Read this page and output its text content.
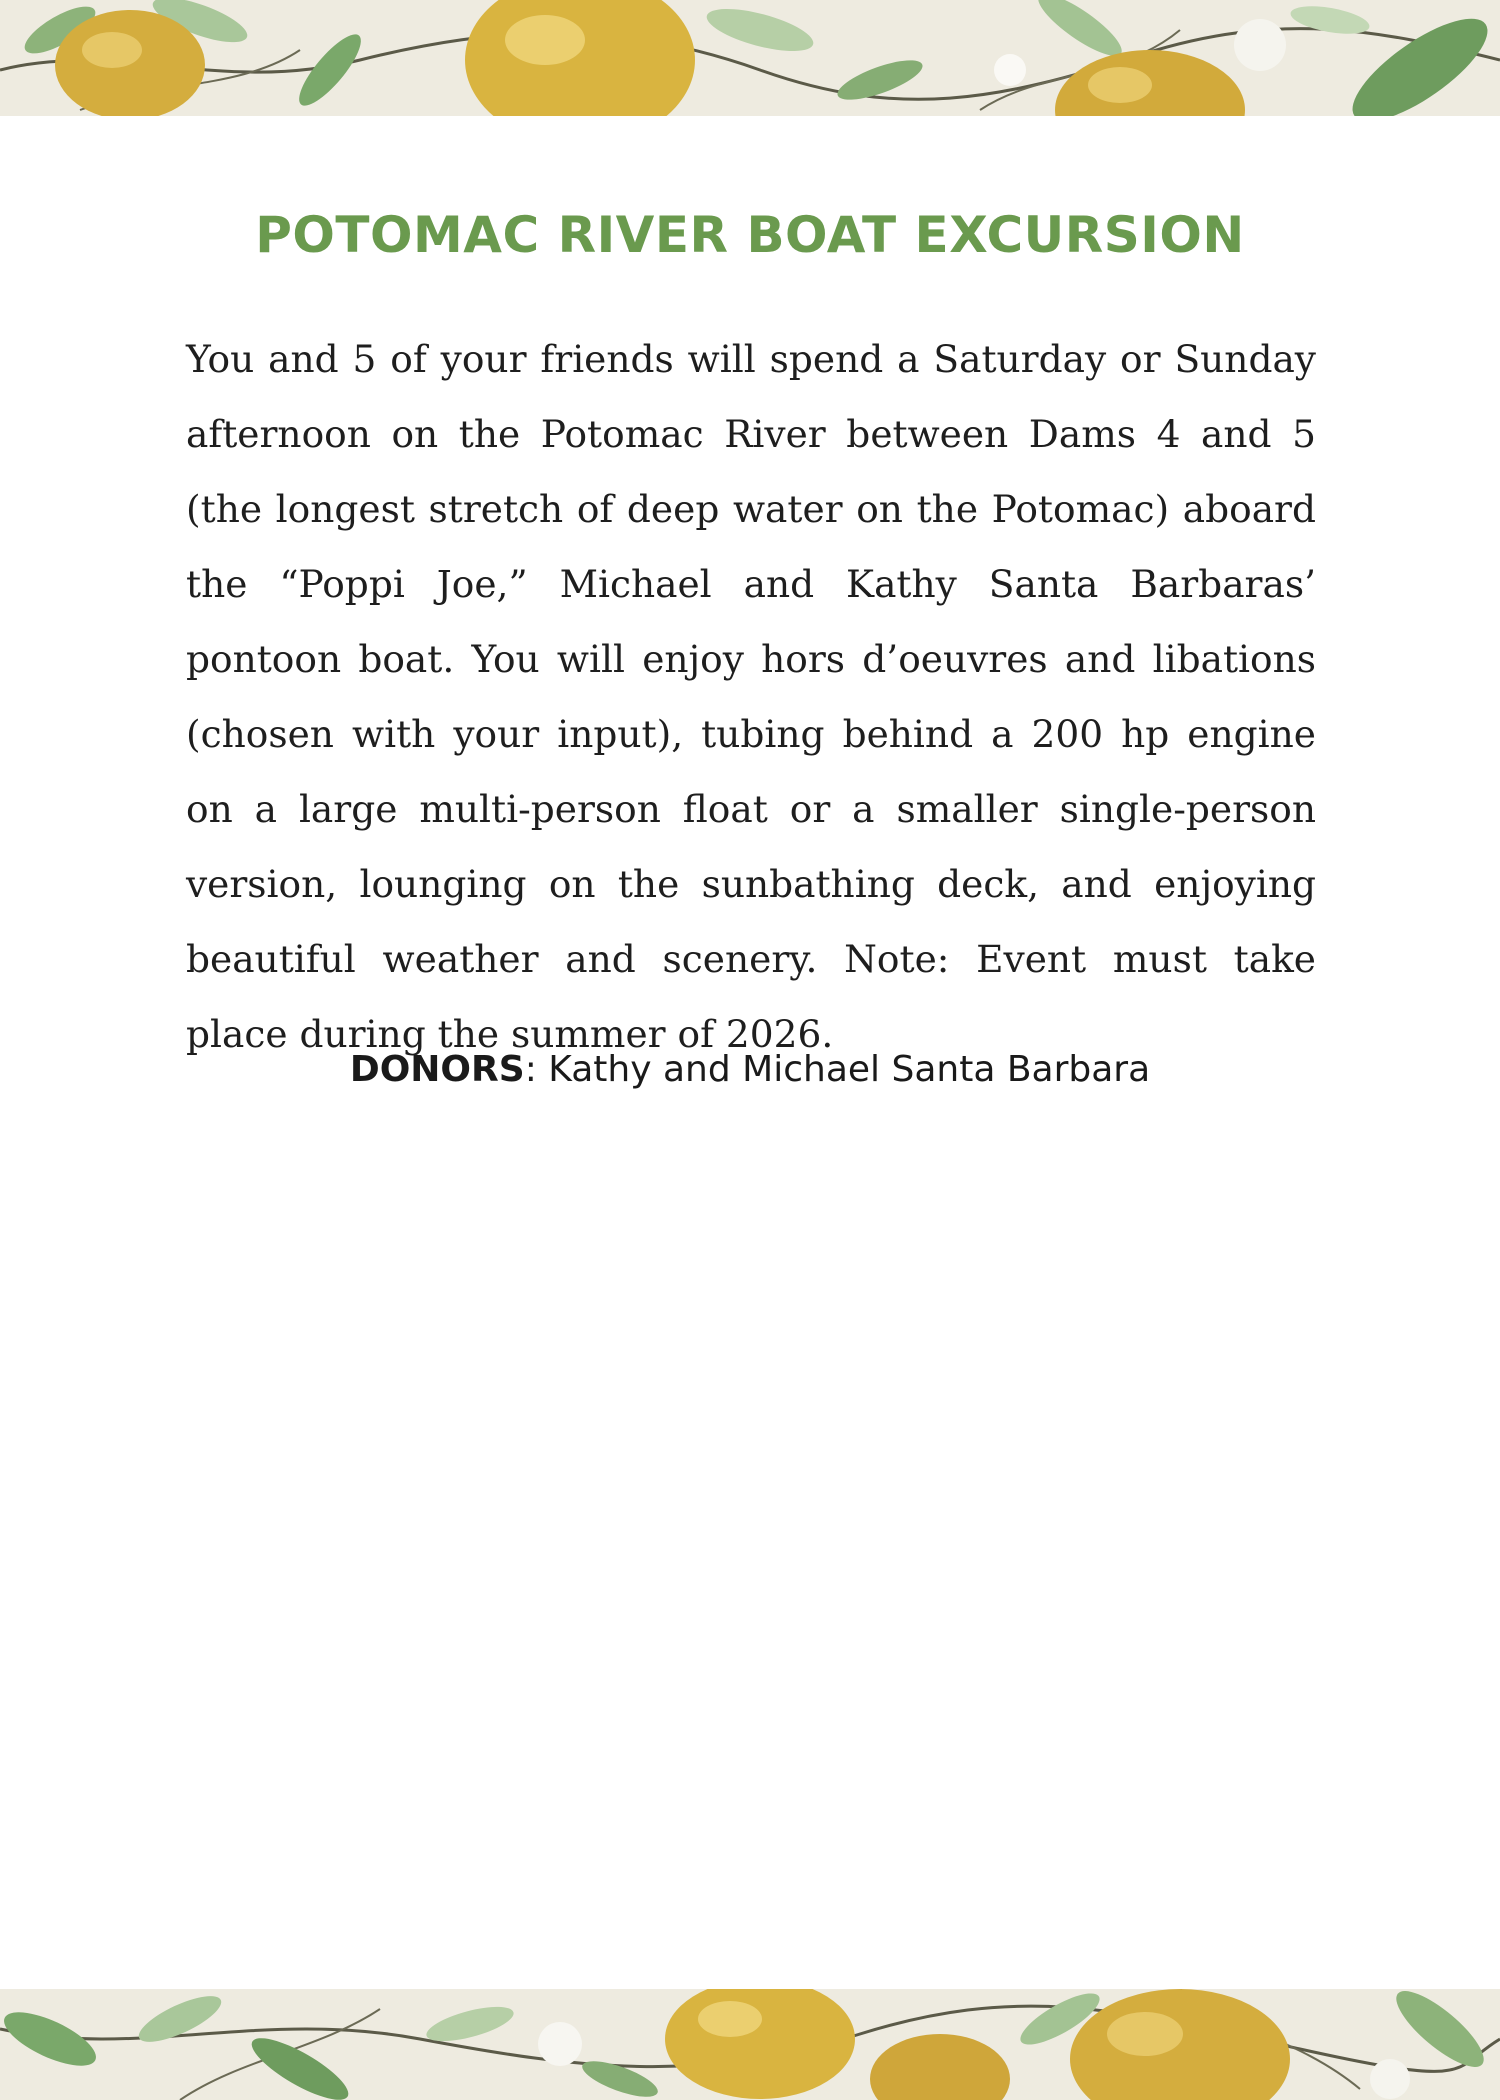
POTOMAC RIVER BOAT EXCURSION

You and 5 of your friends will spend a Saturday or Sunday afternoon on the Potomac River between Dams 4 and 5 (the longest stretch of deep water on the Potomac) aboard the “Poppi Joe,” Michael and Kathy Santa Barbaras’ pontoon boat. You will enjoy hors d’oeuvres and libations (chosen with your input), tubing behind a 200 hp engine on a large multi-person float or a smaller single-person version, lounging on the sunbathing deck, and enjoying beautiful weather and scenery. Note: Event must take place during the summer of 2026.

DONORS: Kathy and Michael Santa Barbara
